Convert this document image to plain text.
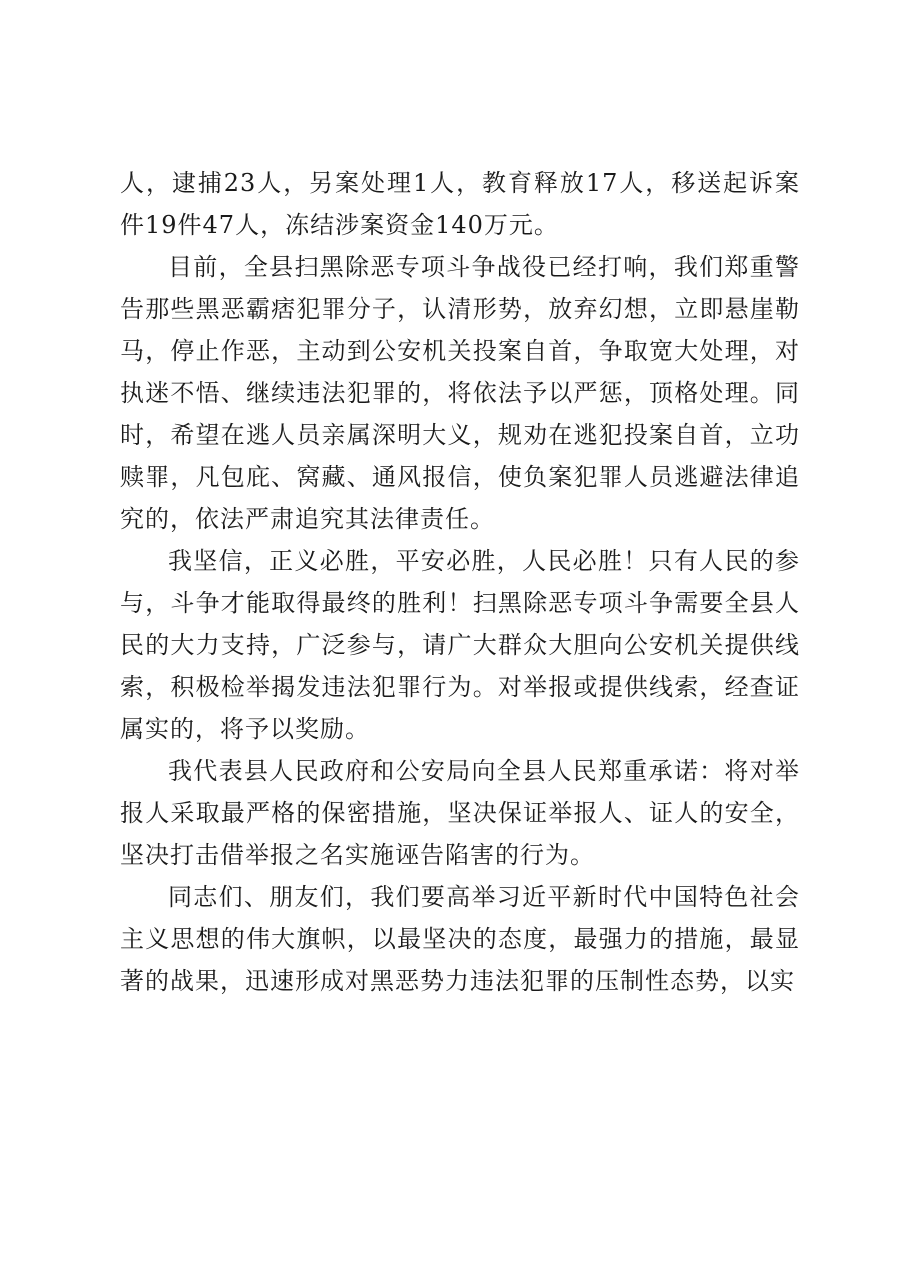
人，逮捕23人，另案处理1人，教育释放17人，移送起诉案件19件47人，冻结涉案资金140万元。

目前，全县扫黑除恶专项斗争战役已经打响，我们郑重警告那些黑恶霸痞犯罪分子，认清形势，放弃幻想，立即悬崖勒马，停止作恶，主动到公安机关投案自首，争取宽大处理，对执迷不悟、继续违法犯罪的，将依法予以严惩，顶格处理。同时，希望在逃人员亲属深明大义，规劝在逃犯投案自首，立功赎罪，凡包庇、窝藏、通风报信，使负案犯罪人员逃避法律追究的，依法严肃追究其法律责任。

我坚信，正义必胜，平安必胜，人民必胜！只有人民的参与，斗争才能取得最终的胜利！扫黑除恶专项斗争需要全县人民的大力支持，广泛参与，请广大群众大胆向公安机关提供线索，积极检举揭发违法犯罪行为。对举报或提供线索，经查证属实的，将予以奖励。

我代表县人民政府和公安局向全县人民郑重承诺：将对举报人采取最严格的保密措施，坚决保证举报人、证人的安全，坚决打击借举报之名实施诬告陷害的行为。

同志们、朋友们，我们要高举习近平新时代中国特色社会主义思想的伟大旗帜，以最坚决的态度，最强力的措施，最显著的战果，迅速形成对黑恶势力违法犯罪的压制性态势，以实
